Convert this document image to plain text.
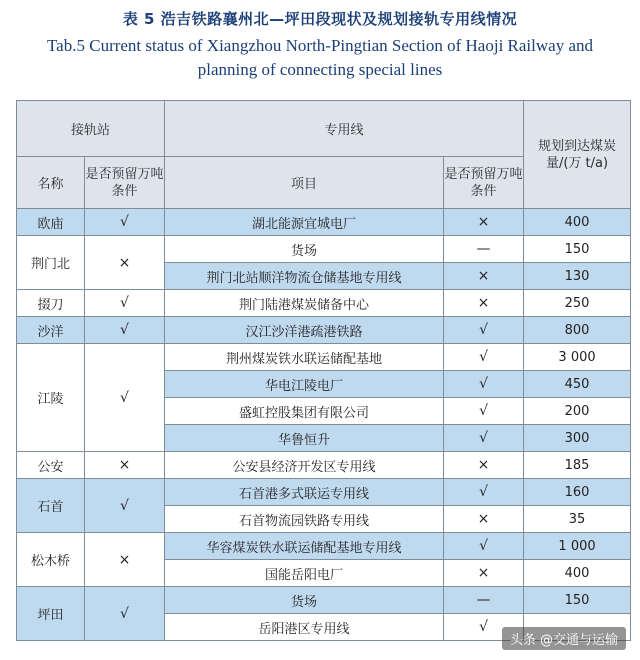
表 5 浩吉铁路襄州北—坪田段现状及规划接轨专用线情况
Tab.5 Current status of Xiangzhou North-Pingtian Section of Haoji Railway and
planning of connecting special lines
接轨站		专用线		规划到达煤炭量/(万 t/a)
名称	是否预留万吨条件	项目	是否预留万吨条件	
欧庙	√	湖北能源宜城电厂	×	400
荆门北	×	货场	—	150
		荆门北站顺洋物流仓储基地专用线	×	130
掇刀	√	荆门陆港煤炭储备中心	×	250
沙洋	√	汉江沙洋港疏港铁路	√	800
江陵	√	荆州煤炭铁水联运储配基地	√	3 000
		华电江陵电厂	√	450
		盛虹控股集团有限公司	√	200
		华鲁恒升	√	300
公安	×	公安县经济开发区专用线	×	185
石首	√	石首港多式联运专用线	√	160
		石首物流园铁路专用线	×	35
松木桥	×	华容煤炭铁水联运储配基地专用线	√	1 000
		国能岳阳电厂	×	400
坪田	√	货场	—	150
		岳阳港区专用线	√	
头条 @交通与运输
